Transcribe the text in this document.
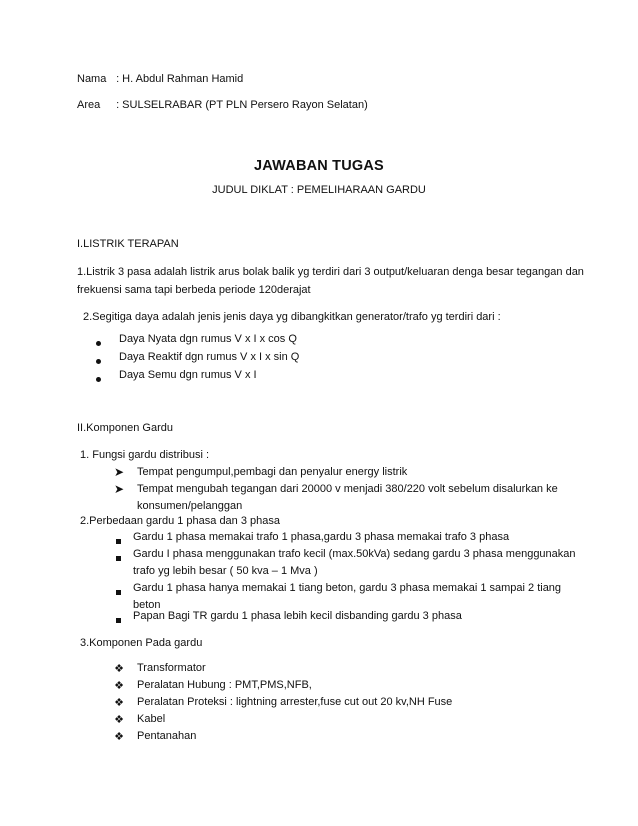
Nama : H. Abdul Rahman Hamid
Area : SULSELRABAR (PT PLN Persero Rayon Selatan)
JAWABAN TUGAS
JUDUL DIKLAT : PEMELIHARAAN GARDU
I.LISTRIK TERAPAN
1.Listrik 3 pasa adalah listrik arus bolak balik yg terdiri dari 3 output/keluaran denga besar tegangan dan
frekuensi sama tapi berbeda periode 120derajat
2.Segitiga daya adalah jenis jenis daya yg dibangkitkan generator/trafo yg terdiri dari :
Daya Nyata dgn rumus V x I x cos Q
Daya Reaktif dgn rumus V x I x sin Q
Daya Semu dgn rumus V x I
II.Komponen Gardu
1. Fungsi gardu distribusi :
➤ Tempat pengumpul,pembagi dan penyalur energy listrik
➤ Tempat mengubah tegangan dari 20000 v menjadi 380/220 volt sebelum disalurkan ke
konsumen/pelanggan
2.Perbedaan gardu 1 phasa dan 3 phasa
Gardu 1 phasa memakai trafo 1 phasa,gardu 3 phasa memakai trafo 3 phasa
Gardu I phasa menggunakan trafo kecil (max.50kVa) sedang gardu 3 phasa menggunakan
trafo yg lebih besar ( 50 kva – 1 Mva )
Gardu 1 phasa hanya memakai 1 tiang beton, gardu 3 phasa memakai 1 sampai 2 tiang
beton
Papan Bagi TR gardu 1 phasa lebih kecil disbanding gardu 3 phasa
3.Komponen Pada gardu
❖ Transformator
❖ Peralatan Hubung : PMT,PMS,NFB,
❖ Peralatan Proteksi : lightning arrester,fuse cut out 20 kv,NH Fuse
❖ Kabel
❖ Pentanahan
